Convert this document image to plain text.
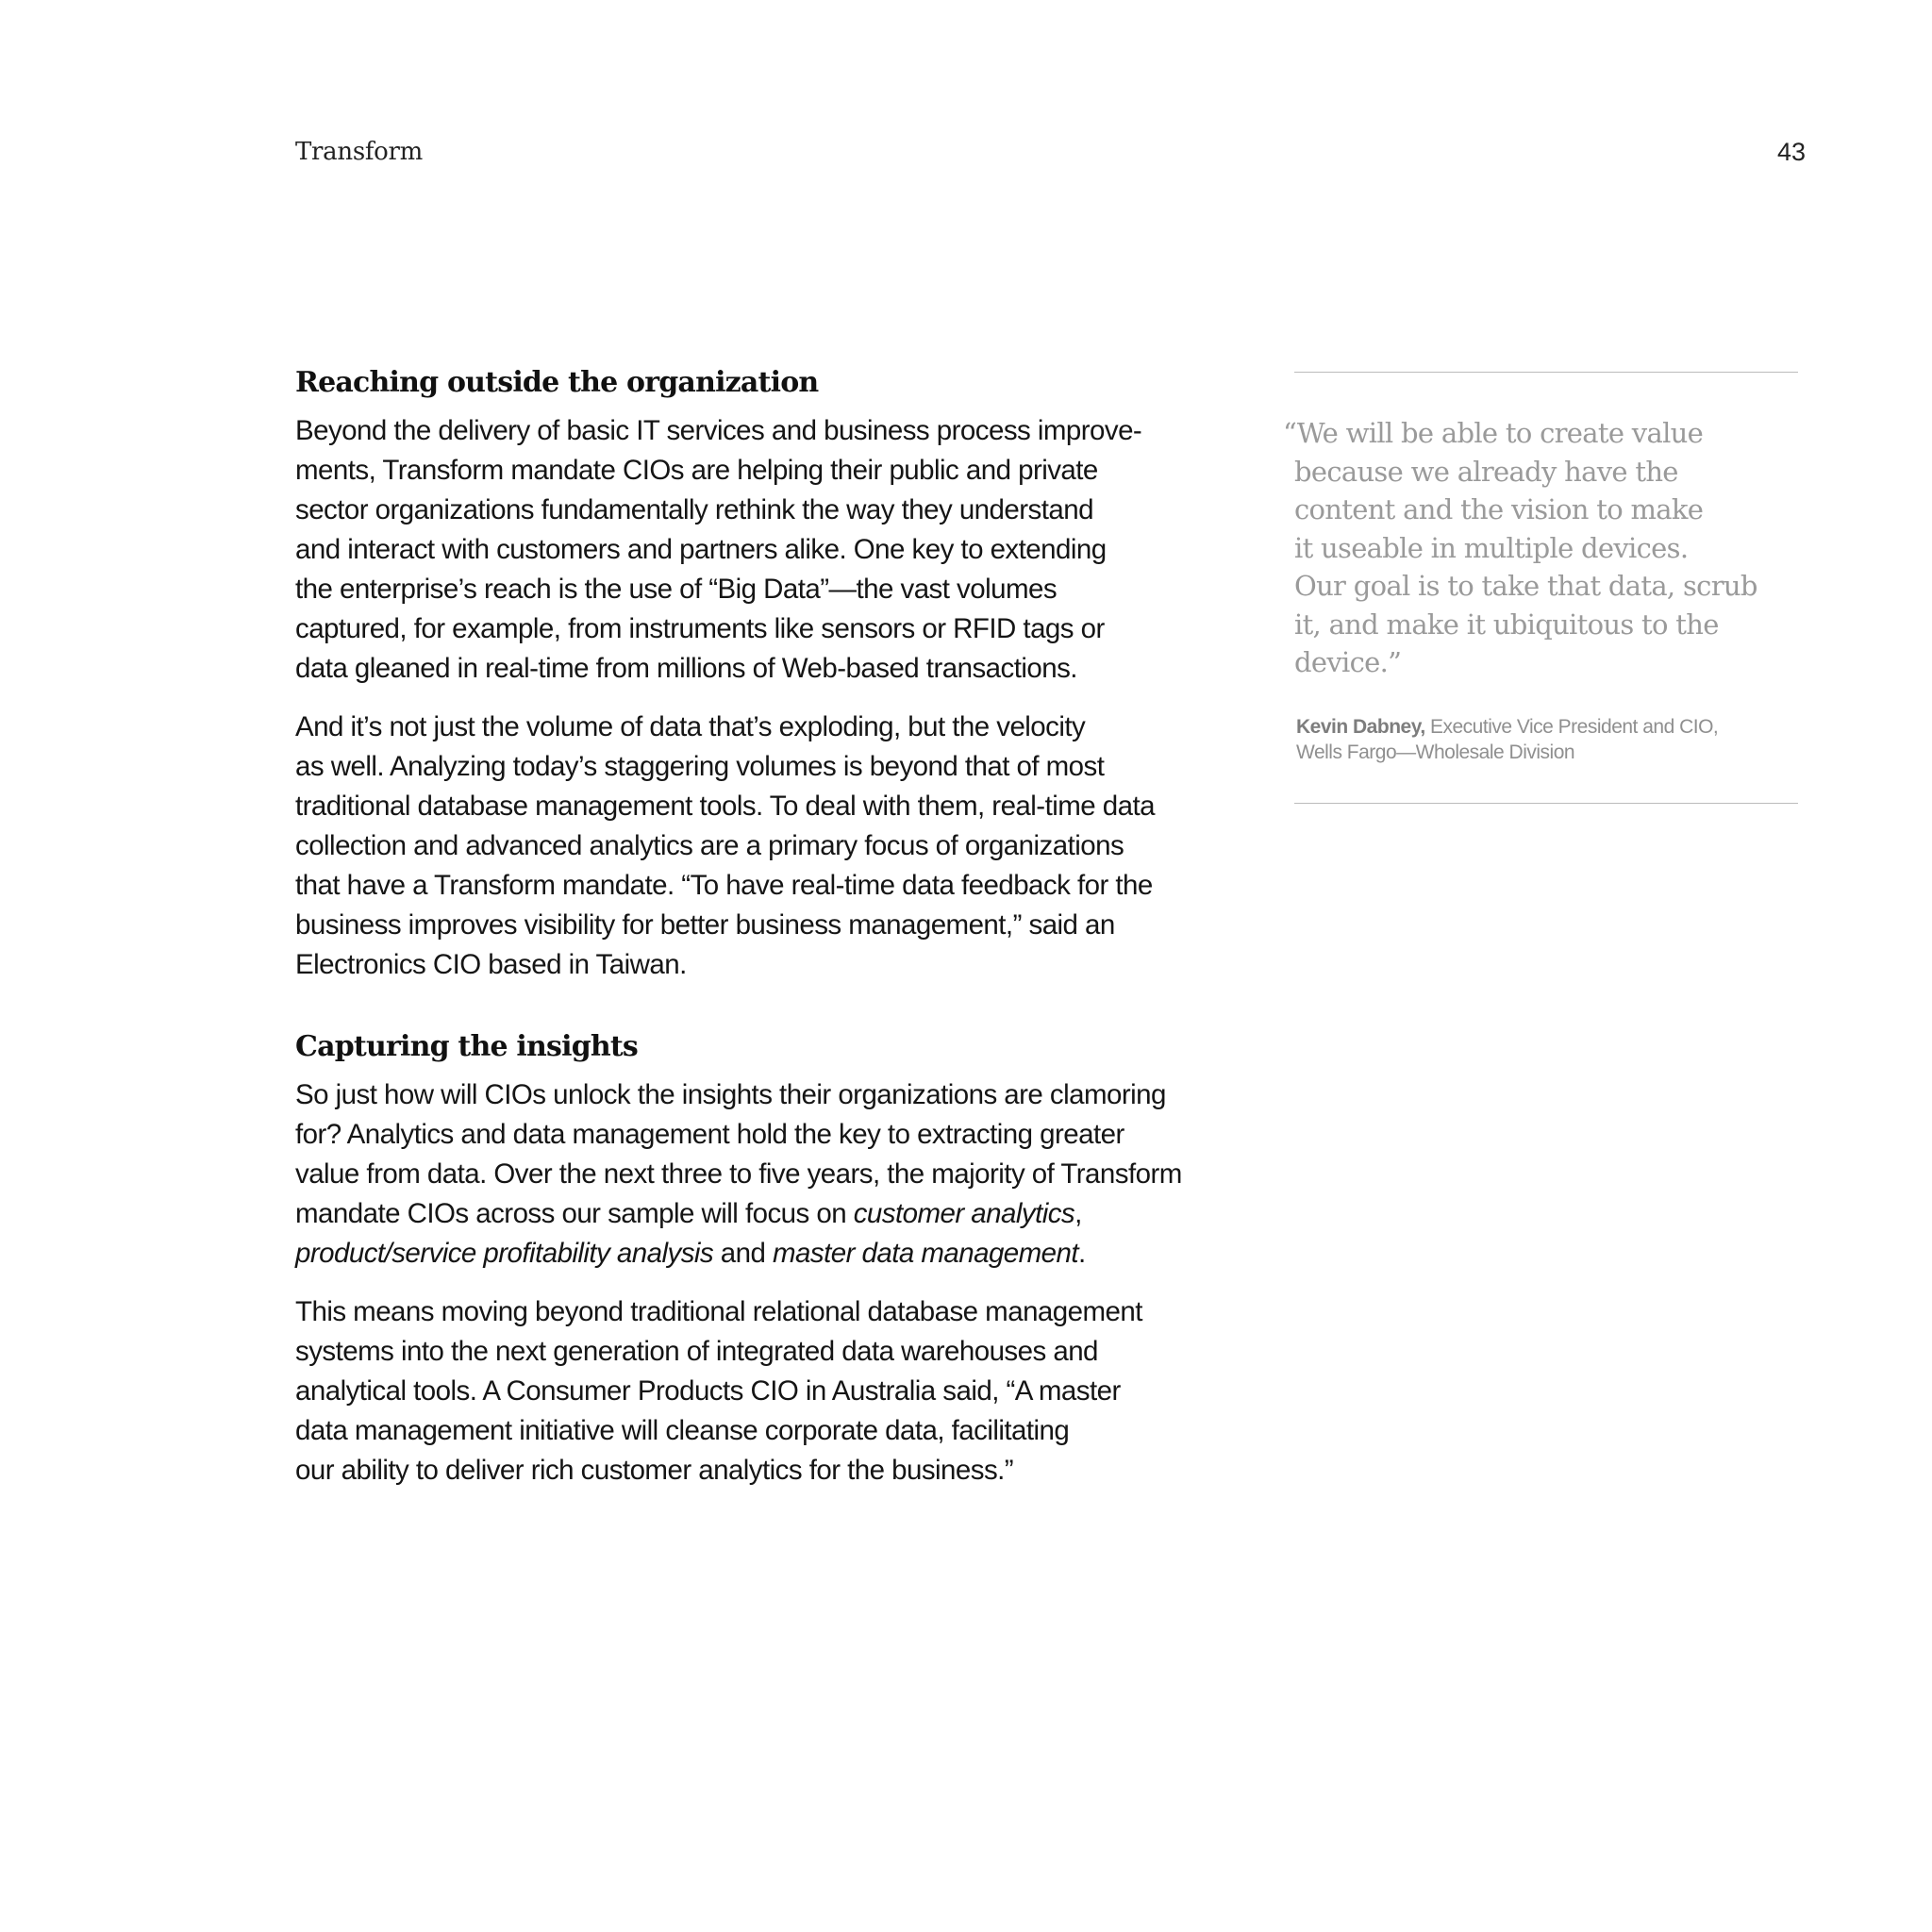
Transform	43
Reaching outside the organization

Beyond the delivery of basic IT services and business process improve-
ments, Transform mandate CIOs are helping their public and private
sector organizations fundamentally rethink the way they understand
and interact with customers and partners alike. One key to extending
the enterprise’s reach is the use of “Big Data”—the vast volumes
captured, for example, from instruments like sensors or RFID tags or
data gleaned in real-time from millions of Web-based transactions.

And it’s not just the volume of data that’s exploding, but the velocity
as well. Analyzing today’s staggering volumes is beyond that of most
traditional database management tools. To deal with them, real-time data
collection and advanced analytics are a primary focus of organizations
that have a Transform mandate. “To have real-time data feedback for the
business improves visibility for better business management,” said an
Electronics CIO based in Taiwan.

Capturing the insights

So just how will CIOs unlock the insights their organizations are clamoring
for? Analytics and data management hold the key to extracting greater
value from data. Over the next three to five years, the majority of Transform
mandate CIOs across our sample will focus on customer analytics,
product/service profitability analysis and master data management.

This means moving beyond traditional relational database management
systems into the next generation of integrated data warehouses and
analytical tools. A Consumer Products CIO in Australia said, “A master
data management initiative will cleanse corporate data, facilitating
our ability to deliver rich customer analytics for the business.”

“We will be able to create value
because we already have the
content and the vision to make
it useable in multiple devices.
Our goal is to take that data, scrub
it, and make it ubiquitous to the
device.”
Kevin Dabney, Executive Vice President and CIO,
Wells Fargo—Wholesale Division
